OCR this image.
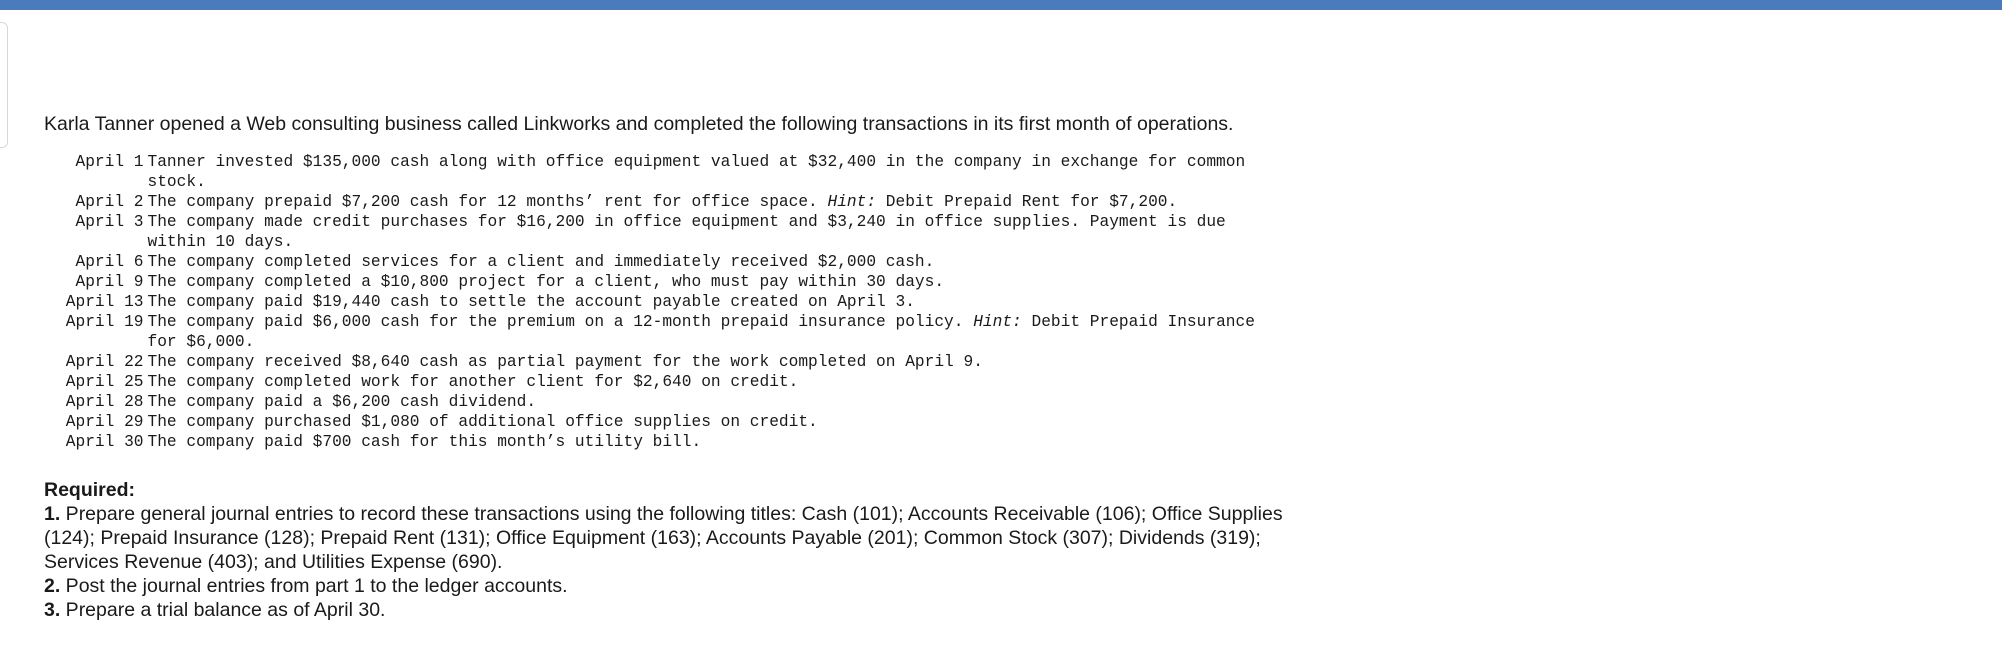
Karla Tanner opened a Web consulting business called Linkworks and completed the following transactions in its first month of operations.

April 1	Tanner invested $135,000 cash along with office equipment valued at $32,400 in the company in exchange for common stock.

April 2	The company prepaid $7,200 cash for 12 months’ rent for office space. Hint: Debit Prepaid Rent for $7,200.

April 3	The company made credit purchases for $16,200 in office equipment and $3,240 in office supplies. Payment is due within 10 days.

April 6	The company completed services for a client and immediately received $2,000 cash.

April 9	The company completed a $10,800 project for a client, who must pay within 30 days.

April 13	The company paid $19,440 cash to settle the account payable created on April 3.

April 19	The company paid $6,000 cash for the premium on a 12-month prepaid insurance policy. Hint: Debit Prepaid Insurance for $6,000.

April 22	The company received $8,640 cash as partial payment for the work completed on April 9.

April 25	The company completed work for another client for $2,640 on credit.

April 28	The company paid a $6,200 cash dividend.

April 29	The company purchased $1,080 of additional office supplies on credit.

April 30	The company paid $700 cash for this month’s utility bill.
Required:
1. Prepare general journal entries to record these transactions using the following titles: Cash (101); Accounts Receivable (106); Office Supplies (124); Prepaid Insurance (128); Prepaid Rent (131); Office Equipment (163); Accounts Payable (201); Common Stock (307); Dividends (319); Services Revenue (403); and Utilities Expense (690).
2. Post the journal entries from part 1 to the ledger accounts.
3. Prepare a trial balance as of April 30.
